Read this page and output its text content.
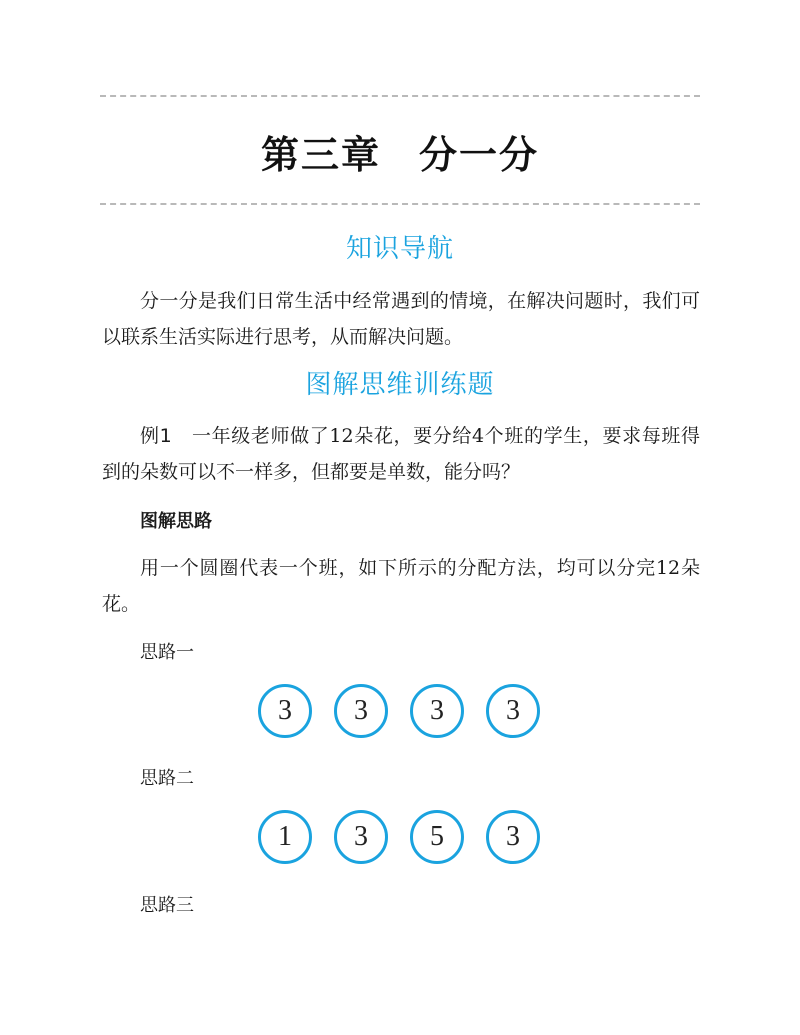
第三章 分一分
知识导航
分一分是我们日常生活中经常遇到的情境，在解决问题时，我们可以联系生活实际进行思考，从而解决问题。
图解思维训练题
例1　一年级老师做了12朵花，要分给4个班的学生，要求每班得到的朵数可以不一样多，但都要是单数，能分吗？
图解思路
用一个圆圈代表一个班，如下所示的分配方法，均可以分完12朵花。
思路一
3	3	3	3
思路二
1	3	5	3
思路三
